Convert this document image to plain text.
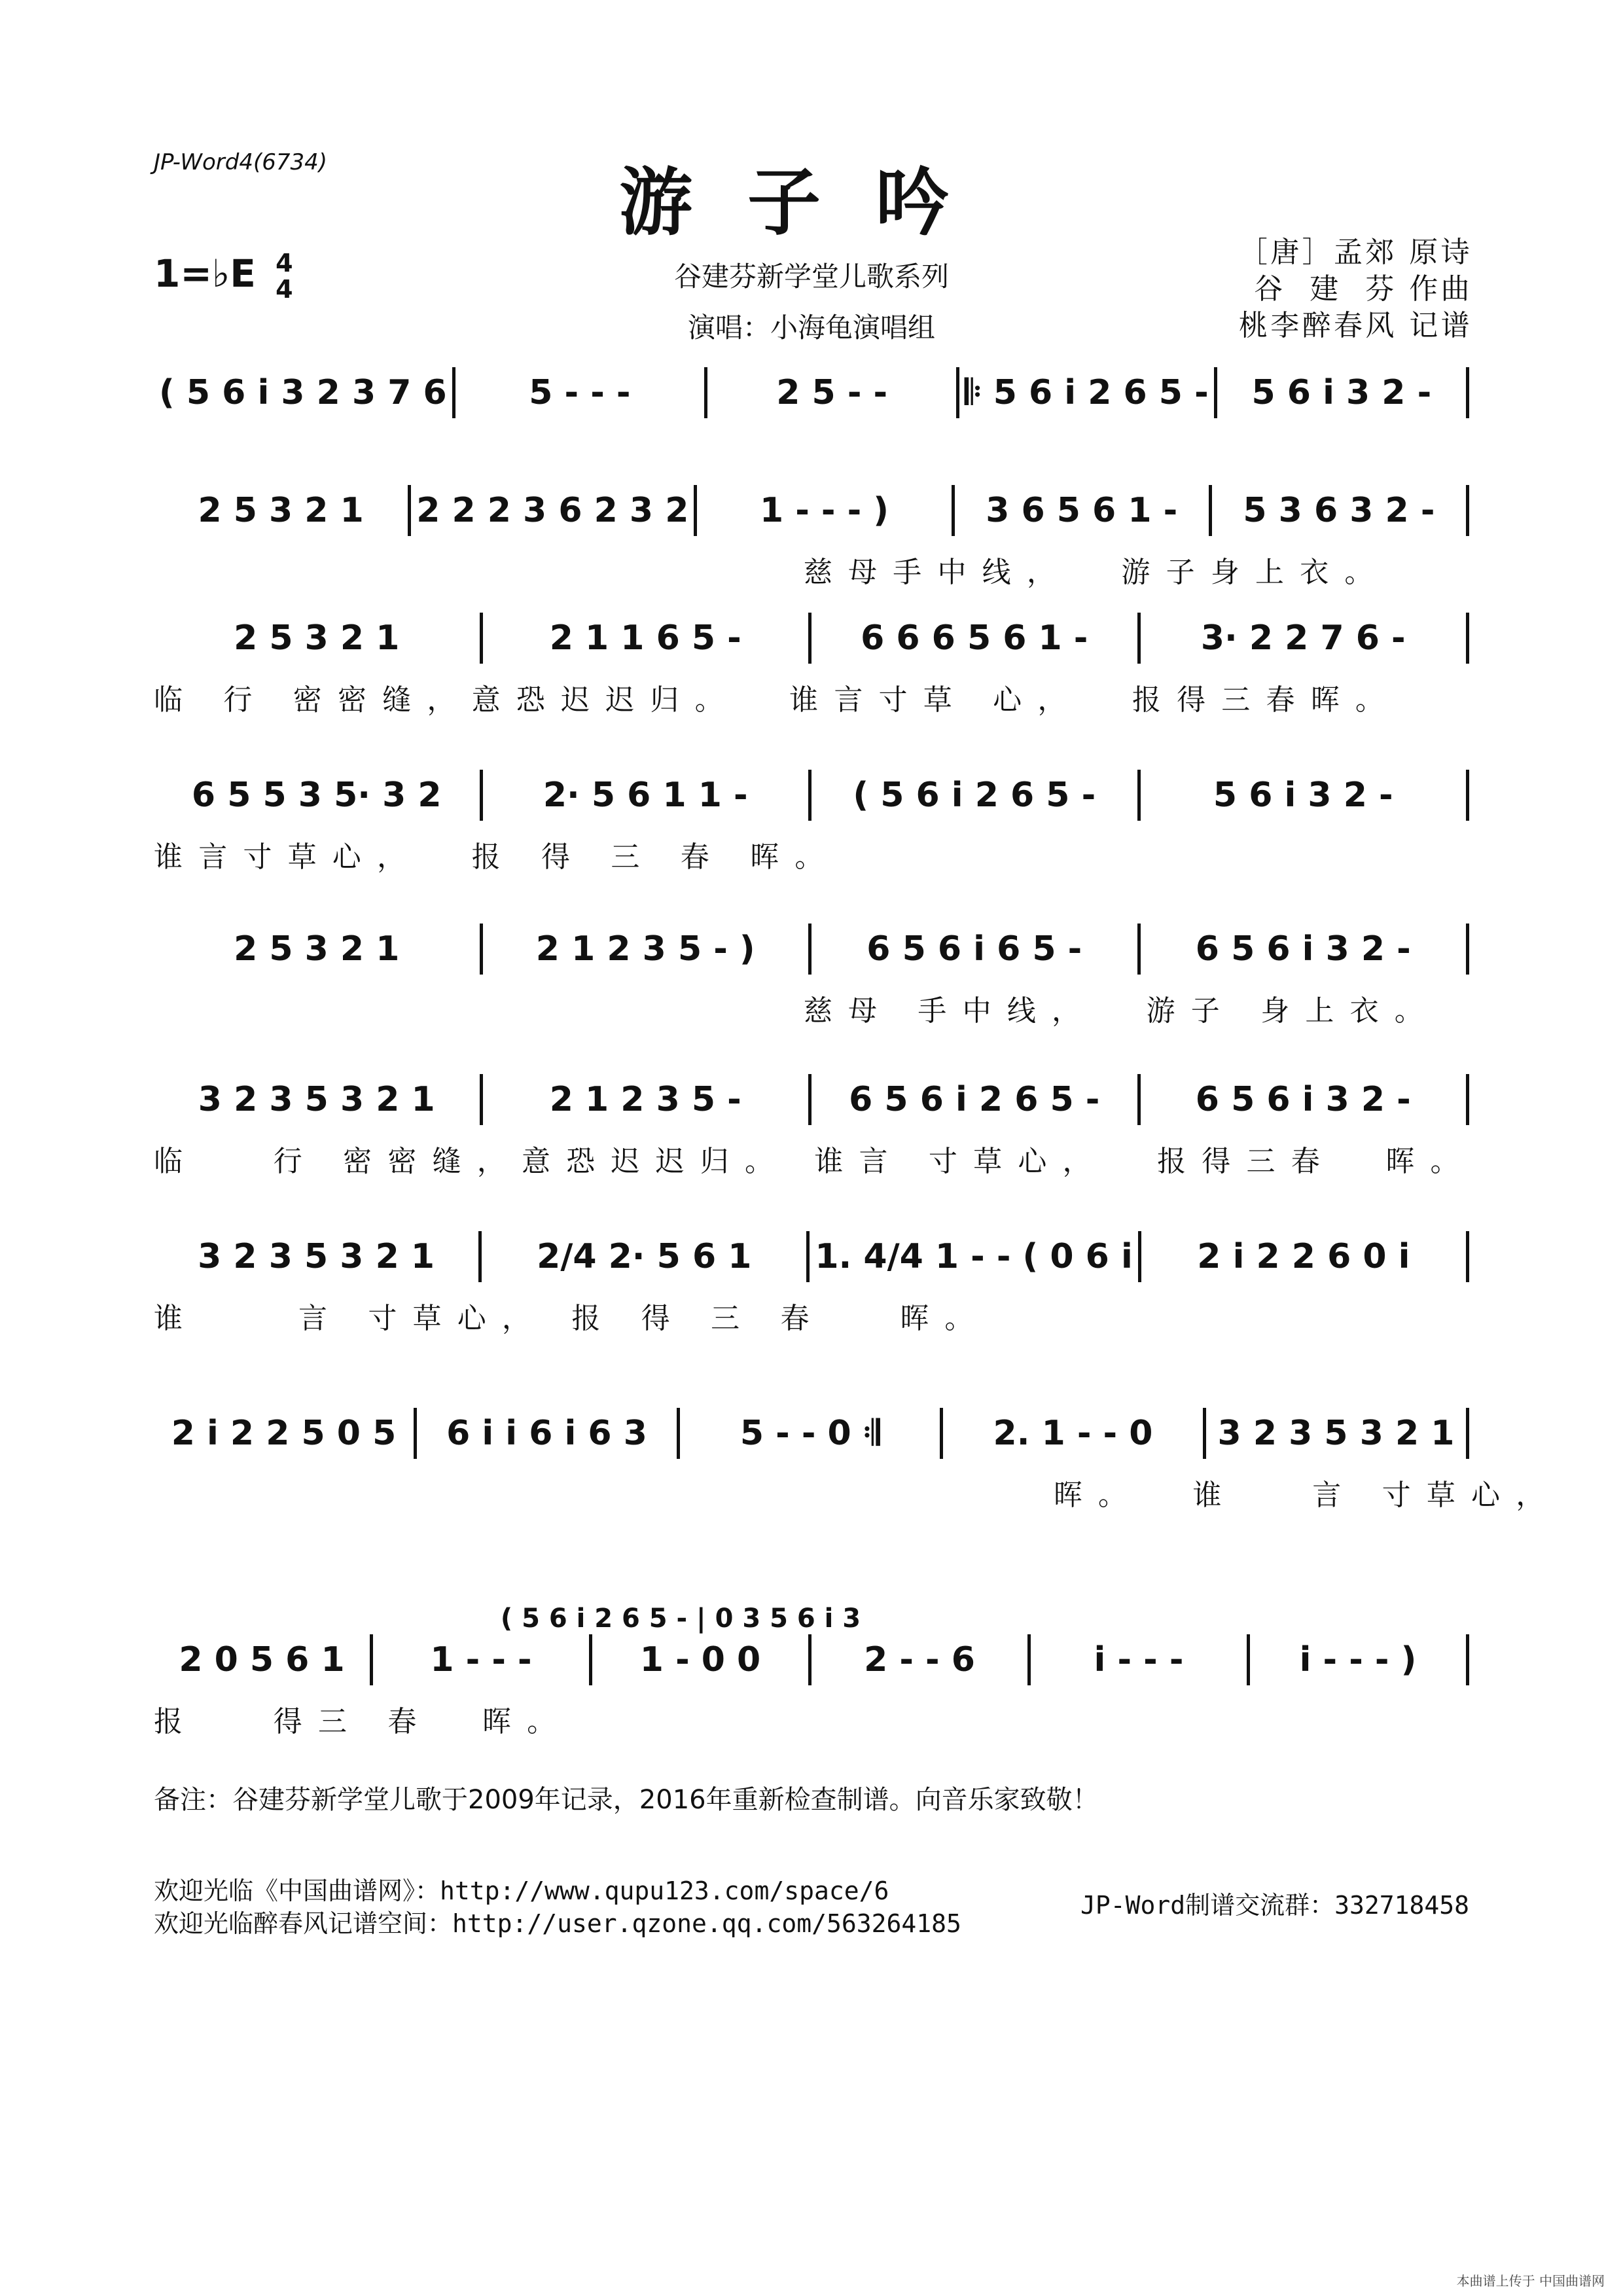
JP-Word4(6734)	游子吟
1=♭E 4
4	谷建芬新学堂儿歌系列
演唱：小海龟演唱组
［唐］孟郊 原诗
谷  建  芬 作曲
桃李醉春风 记谱
( 5 6 i 3 2 3 7 6	5 - - -	2 5 - -	𝄆 5 6 i 2 6 5 -	5 6 i 3 2 -
2 5 3 2 1	2 2 2 3 6 2 3 2	1 - - - )	3 6 5 6 1 -	5 3 6 3 2 -
慈母手中线，  游子身上衣。
2 5 3 2 1	2 1 1 6 5 -	6 6 6 5 6 1 -	3· 2 2 7 6 -
临 行 密密缝，意恐迟迟归。  谁言寸草 心，  报得三春晖。
6 5 5 3 5· 3 2	2· 5 6 1 1 -	( 5 6 i 2 6 5 -	5 6 i 3 2 -
谁言寸草心，  报 得 三 春 晖。
2 5 3 2 1	2 1 2 3 5 - )	6 5 6 i 6 5 -	6 5 6 i 3 2 -
慈母 手中线，  游子 身上衣。
3 2 3 5 3 2 1	2 1 2 3 5 -	6 5 6 i 2 6 5 -	6 5 6 i 3 2 -
临   行 密密缝，意恐迟迟归。 谁言 寸草心，  报得三春  晖。
3 2 3 5 3 2 1	2/4 2· 5 6 1	1. 4/4 1 - - ( 0 6 i	2 i 2 2 6 0 i
谁    言 寸草心， 报 得 三 春   晖。
2 i 2 2 5 0 5	6 i i 6 i 6 3	5 - - 0 𝄇	2. 1 - - 0	3 2 3 5 3 2 1
晖。  谁   言 寸草心，
( 5 6 i 2 6 5 - | 0 3 5 6 i 3
2 0 5 6 1	1 - - -	1 - 0 0	2 - - 6	i - - -	i - - - )
报   得三 春  晖。
备注：谷建芬新学堂儿歌于2009年记录，2016年重新检查制谱。向音乐家致敬！
欢迎光临《中国曲谱网》：http://www.qupu123.com/space/6
欢迎光临醉春风记谱空间：http://user.qzone.qq.com/563264185
JP-Word制谱交流群：332718458
本曲谱上传于 中国曲谱网
